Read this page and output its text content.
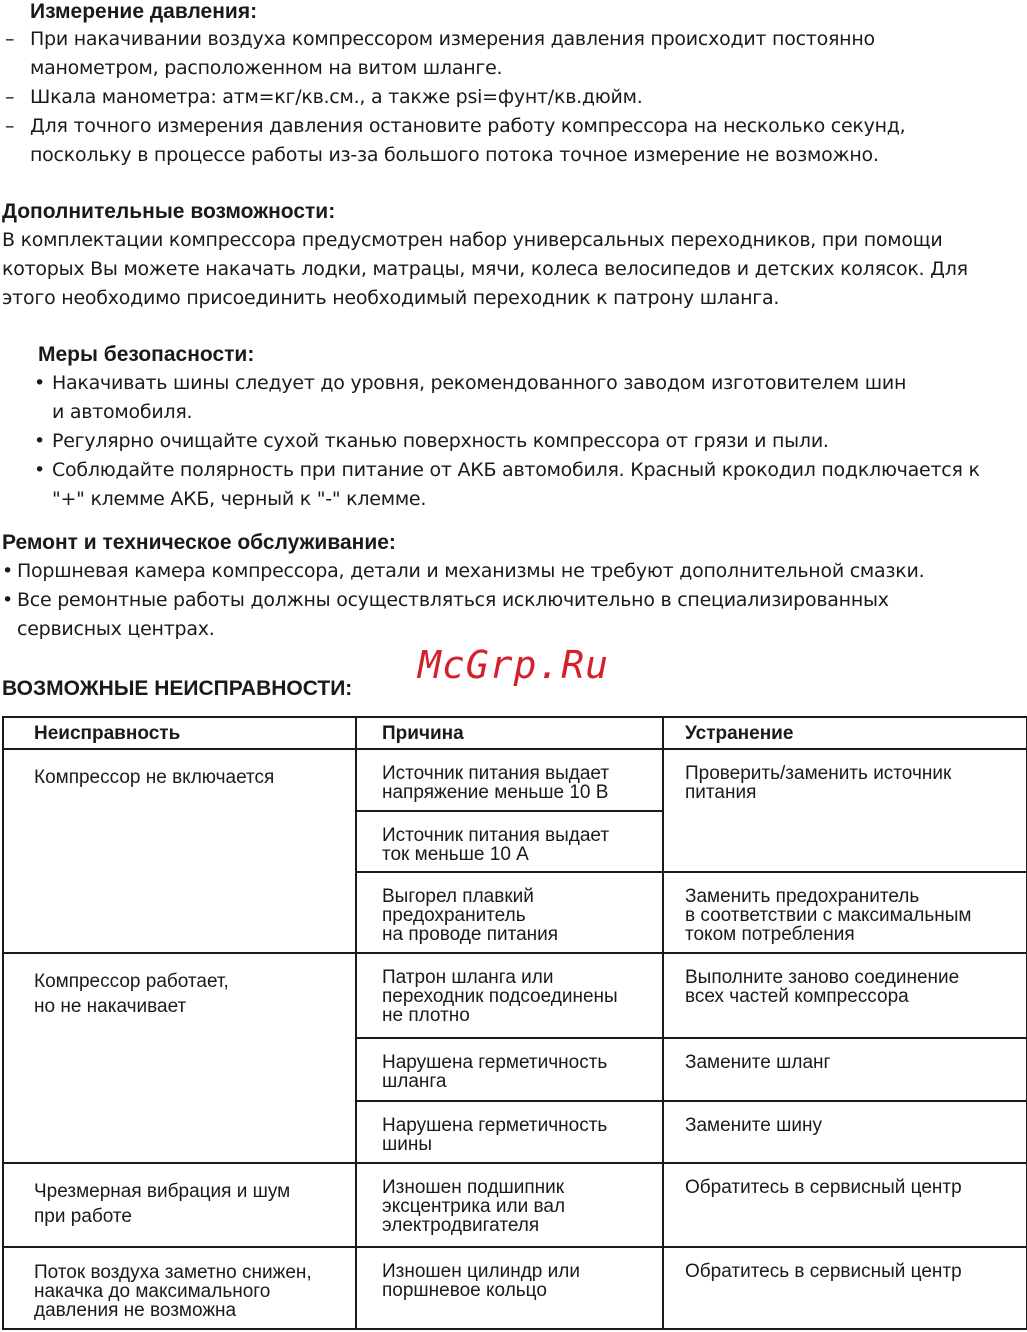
Измерение давления:
– При накачивании воздуха компрессором измерения давления происходит постоянно

манометром, расположенном на витом шланге.

– Шкала манометра: атм=кг/кв.см., а также psi=фунт/кв.дюйм.

– Для точного измерения давления остановите работу компрессора на несколько секунд,

поскольку в процессе работы из-за большого потока точное измерение не возможно.

Дополнительные возможности:

В комплектации компрессора предусмотрен набор универсальных переходников, при помощи

которых Вы можете накачать лодки, матрацы, мячи, колеса велосипедов и детских колясок. Для

этого необходимо присоединить необходимый переходник к патрону шланга.

Меры безопасности:
• Накачивать шины следует до уровня, рекомендованного заводом изготовителем шин

и автомобиля.

• Регулярно очищайте сухой тканью поверхность компрессора от грязи и пыли.

• Соблюдайте полярность при питание от АКБ автомобиля. Красный крокодил подключается к

"+" клемме АКБ, черный к "-" клемме.

Ремонт и техническое обслуживание:
• Поршневая камера компрессора, детали и механизмы не требуют дополнительной смазки.

• Все ремонтные работы должны осуществляться исключительно в специализированных

сервисных центрах.

ВОЗМОЖНЫЕ НЕИСПРАВНОСТИ:
McGrp.Ru
Неисправность	Причина	Устранение

Компрессор не включается	Источник питания выдает
напряжение меньше 10 В	Проверить/заменить источник
питания

	Источник питания выдает
ток меньше 10 А	

	Выгорел плавкий
предохранитель
на проводе питания	Заменить предохранитель
в соответствии с максимальным
током потребления

Компрессор работает,
но не накачивает	Патрон шланга или
переходник подсоединены
не плотно	Выполните заново соединение
всех частей компрессора

	Нарушена герметичность
шланга	Замените шланг

	Нарушена герметичность
шины	Замените шину

Чрезмерная вибрация и шум
при работе	Изношен подшипник
эксцентрика или вал
электродвигателя	Обратитесь в сервисный центр

Поток воздуха заметно снижен,
накачка до максимального
давления не возможна	Изношен цилиндр или
поршневое кольцо	Обратитесь в сервисный центр
